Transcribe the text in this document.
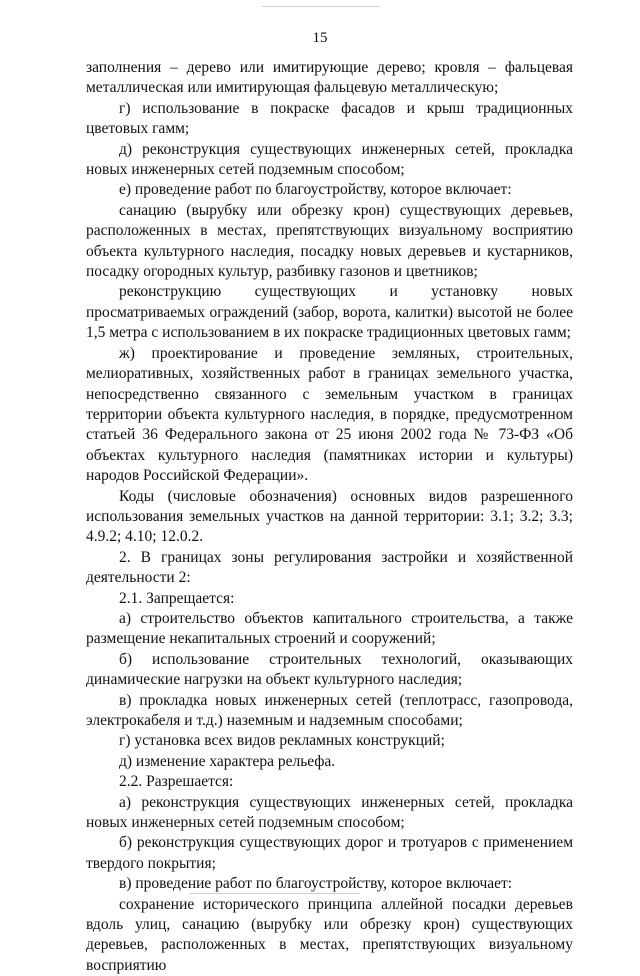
15

заполнения – дерево или имитирующие дерево; кровля – фальцевая металлическая или имитирующая фальцевую металлическую;

г) использование в покраске фасадов и крыш традиционных цветовых гамм;

д) реконструкция существующих инженерных сетей, прокладка новых инженерных сетей подземным способом;

е) проведение работ по благоустройству, которое включает:

санацию (вырубку или обрезку крон) существующих деревьев, расположенных в местах, препятствующих визуальному восприятию объекта культурного наследия, посадку новых деревьев и кустарников, посадку огородных культур, разбивку газонов и цветников;

реконструкцию существующих и установку новых просматриваемых ограждений (забор, ворота, калитки) высотой не более 1,5 метра с использованием в их покраске традиционных цветовых гамм;

ж) проектирование и проведение земляных, строительных, мелиоративных, хозяйственных работ в границах земельного участка, непосредственно связанного с земельным участком в границах территории объекта культурного наследия, в порядке, предусмотренном статьей 36 Федерального закона от 25 июня 2002 года № 73-ФЗ «Об объектах культурного наследия (памятниках истории и культуры) народов Российской Федерации».

Коды (числовые обозначения) основных видов разрешенного использования земельных участков на данной территории: 3.1; 3.2; 3.3; 4.9.2; 4.10; 12.0.2.

2. В границах зоны регулирования застройки и хозяйственной деятельности 2:

2.1. Запрещается:

а) строительство объектов капитального строительства, а также размещение некапитальных строений и сооружений;

б) использование строительных технологий, оказывающих динамические нагрузки на объект культурного наследия;

в) прокладка новых инженерных сетей (теплотрасс, газопровода, электрокабеля и т.д.) наземным и надземным способами;

г) установка всех видов рекламных конструкций;

д) изменение характера рельефа.

2.2. Разрешается:

а) реконструкция существующих инженерных сетей, прокладка новых инженерных сетей подземным способом;

б) реконструкция существующих дорог и тротуаров с применением твердого покрытия;

в) проведение работ по благоустройству, которое включает:

сохранение исторического принципа аллейной посадки деревьев вдоль улиц, санацию (вырубку или обрезку крон) существующих деревьев, расположенных в местах, препятствующих визуальному восприятию
